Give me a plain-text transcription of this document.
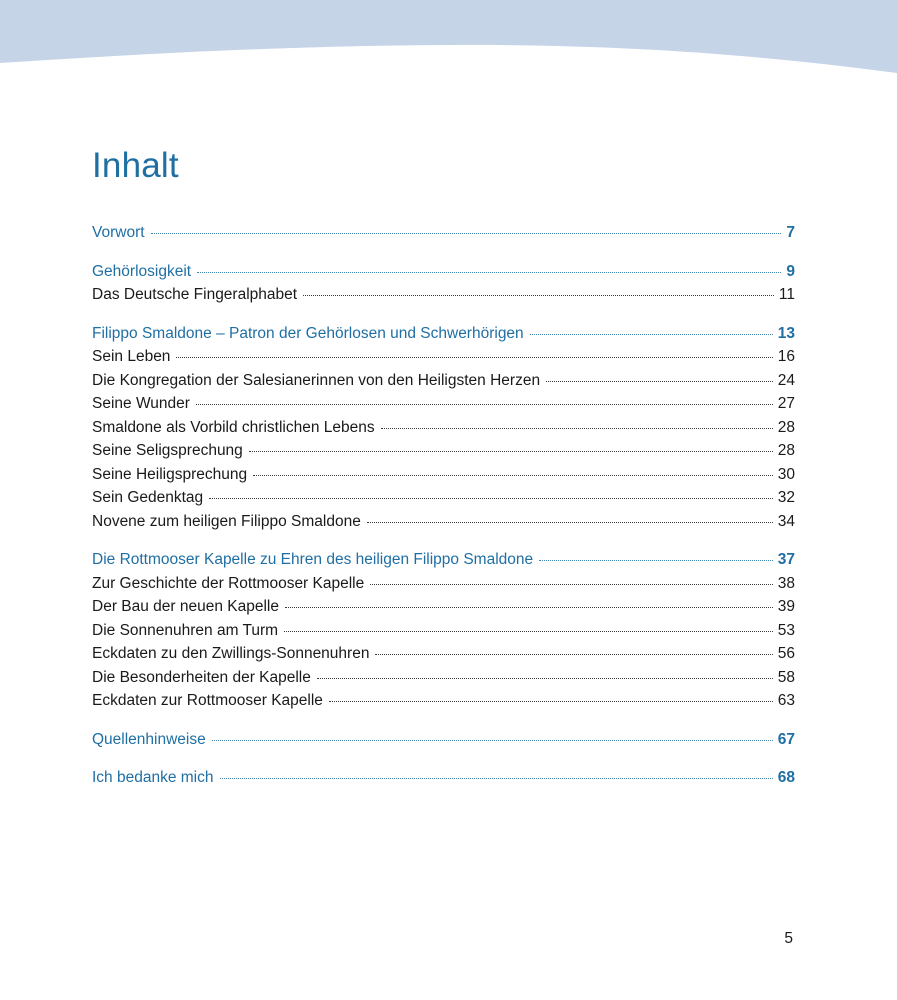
Inhalt
Vorwort	7
Gehörlosigkeit	9
Das Deutsche Fingeralphabet	11
Filippo Smaldone – Patron der Gehörlosen und Schwerhörigen	13
Sein Leben	16
Die Kongregation der Salesianerinnen von den Heiligsten Herzen	24
Seine Wunder	27
Smaldone als Vorbild christlichen Lebens	28
Seine Seligsprechung	28
Seine Heiligsprechung	30
Sein Gedenktag	32
Novene zum heiligen Filippo Smaldone	34
Die Rottmooser Kapelle zu Ehren des heiligen Filippo Smaldone	37
Zur Geschichte der Rottmooser Kapelle	38
Der Bau der neuen Kapelle	39
Die Sonnenuhren am Turm	53
Eckdaten zu den Zwillings-Sonnenuhren	56
Die Besonderheiten der Kapelle	58
Eckdaten zur Rottmooser Kapelle	63
Quellenhinweise	67
Ich bedanke mich	68
5
